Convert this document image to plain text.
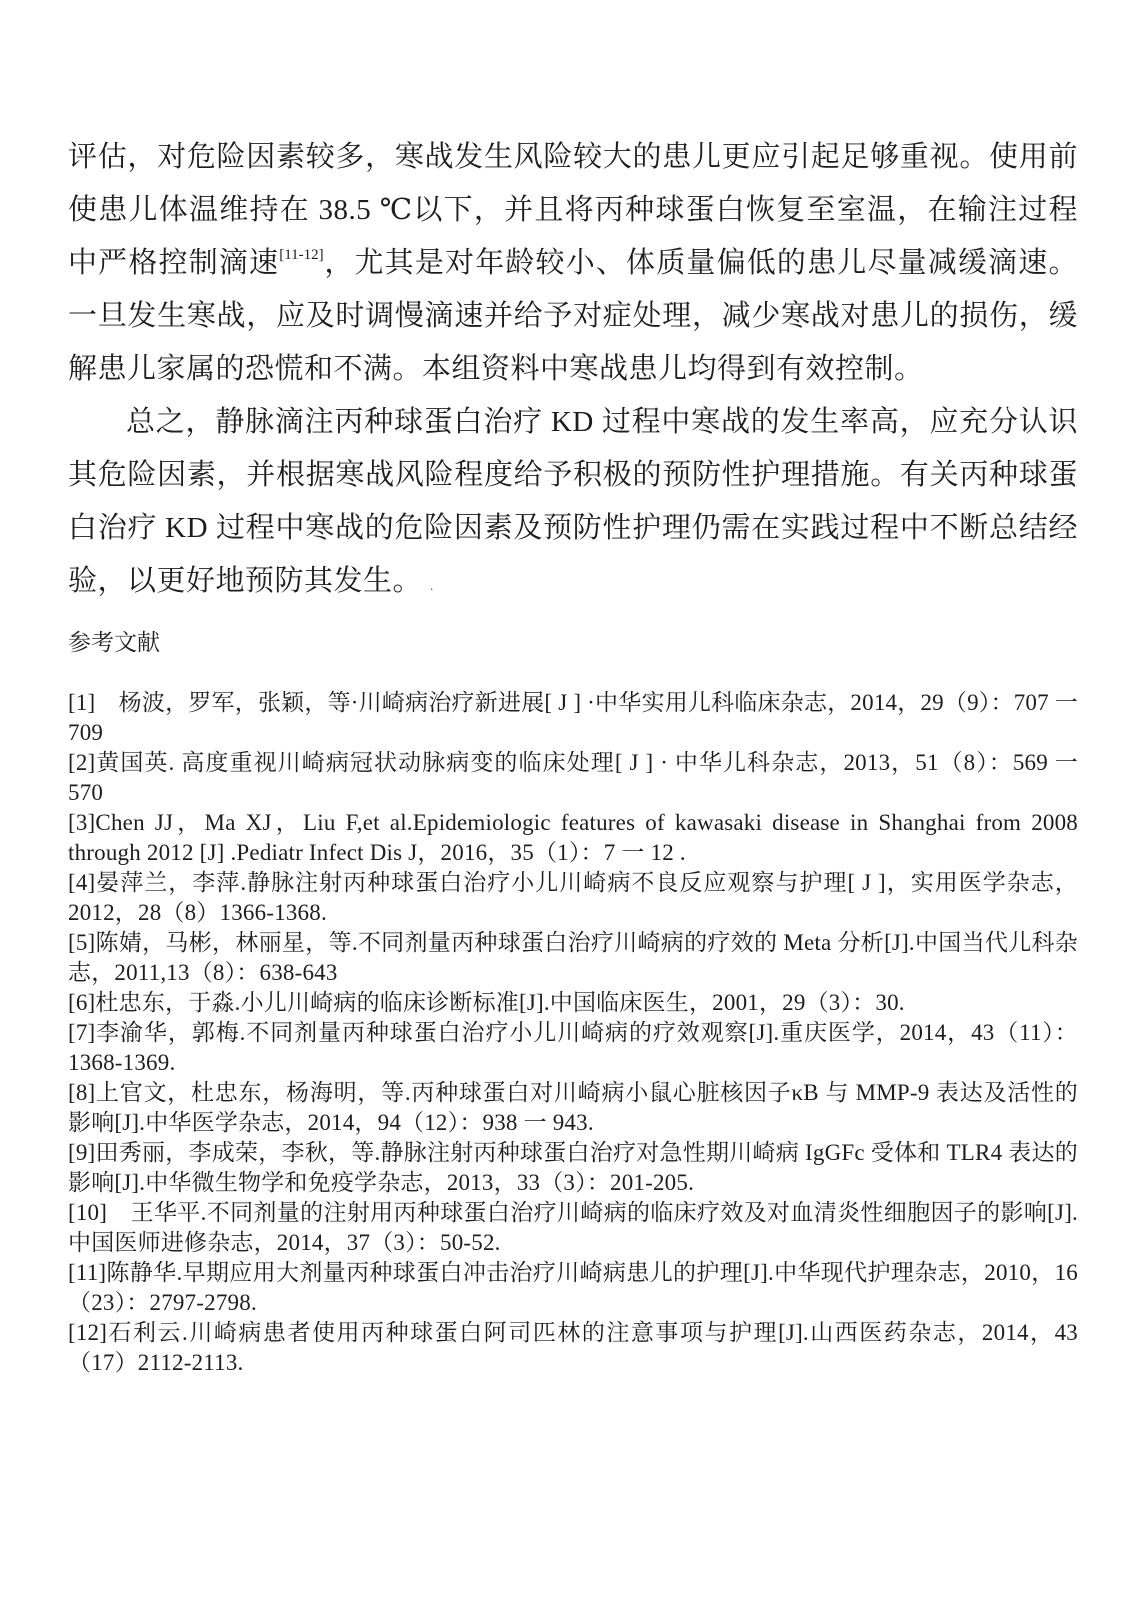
评估，对危险因素较多，寒战发生风险较大的患儿更应引起足够重视。使用前使患儿体温维持在 38.5 ℃以下，并且将丙种球蛋白恢复至室温，在输注过程中严格控制滴速[11-12]，尤其是对年龄较小、体质量偏低的患儿尽量减缓滴速。一旦发生寒战，应及时调慢滴速并给予对症处理，减少寒战对患儿的损伤，缓解患儿家属的恐慌和不满。本组资料中寒战患儿均得到有效控制。

总之，静脉滴注丙种球蛋白治疗 KD 过程中寒战的发生率高，应充分认识其危险因素，并根据寒战风险程度给予积极的预防性护理措施。有关丙种球蛋白治疗 KD 过程中寒战的危险因素及预防性护理仍需在实践过程中不断总结经验，以更好地预防其发生。 .

参考文献

[1]　杨波，罗军，张颖，等·川崎病治疗新进展[ J ] ·中华实用儿科临床杂志，2014，29（9）：707 一 709

[2]黄国英. 高度重视川崎病冠状动脉病变的临床处理[ J ] · 中华儿科杂志，2013，51（8）：569 一 570

[3]Chen JJ，Ma XJ，Liu F,et al.Epidemiologic features of kawasaki disease in Shanghai from 2008 through 2012 [J] .Pediatr Infect Dis J，2016，35（1）：7 一 12 .

[4]晏萍兰，李萍.静脉注射丙种球蛋白治疗小儿川崎病不良反应观察与护理[ J ]，实用医学杂志，2012，28（8）1366-1368.

[5]陈婧，马彬，林丽星，等.不同剂量丙种球蛋白治疗川崎病的疗效的 Meta 分析[J].中国当代儿科杂志，2011,13（8）：638-643

[6]杜忠东，于淼.小儿川崎病的临床诊断标准[J].中国临床医生，2001，29（3）：30.

[7]李渝华，郭梅.不同剂量丙种球蛋白治疗小儿川崎病的疗效观察[J].重庆医学，2014，43（11）：1368-1369.

[8]上官文，杜忠东，杨海明，等.丙种球蛋白对川崎病小鼠心脏核因子κB 与 MMP-9 表达及活性的影响[J].中华医学杂志，2014，94（12）：938 一 943.

[9]田秀丽，李成荣，李秋，等.静脉注射丙种球蛋白治疗对急性期川崎病 IgGFc 受体和 TLR4 表达的影响[J].中华微生物学和免疫学杂志，2013，33（3）：201-205.

[10]　王华平.不同剂量的注射用丙种球蛋白治疗川崎病的临床疗效及对血清炎性细胞因子的影响[J].中国医师进修杂志，2014，37（3）：50-52.

[11]陈静华.早期应用大剂量丙种球蛋白冲击治疗川崎病患儿的护理[J].中华现代护理杂志，2010，16（23）：2797-2798.

[12]石利云.川崎病患者使用丙种球蛋白阿司匹林的注意事项与护理[J].山西医药杂志，2014，43（17）2112-2113.
